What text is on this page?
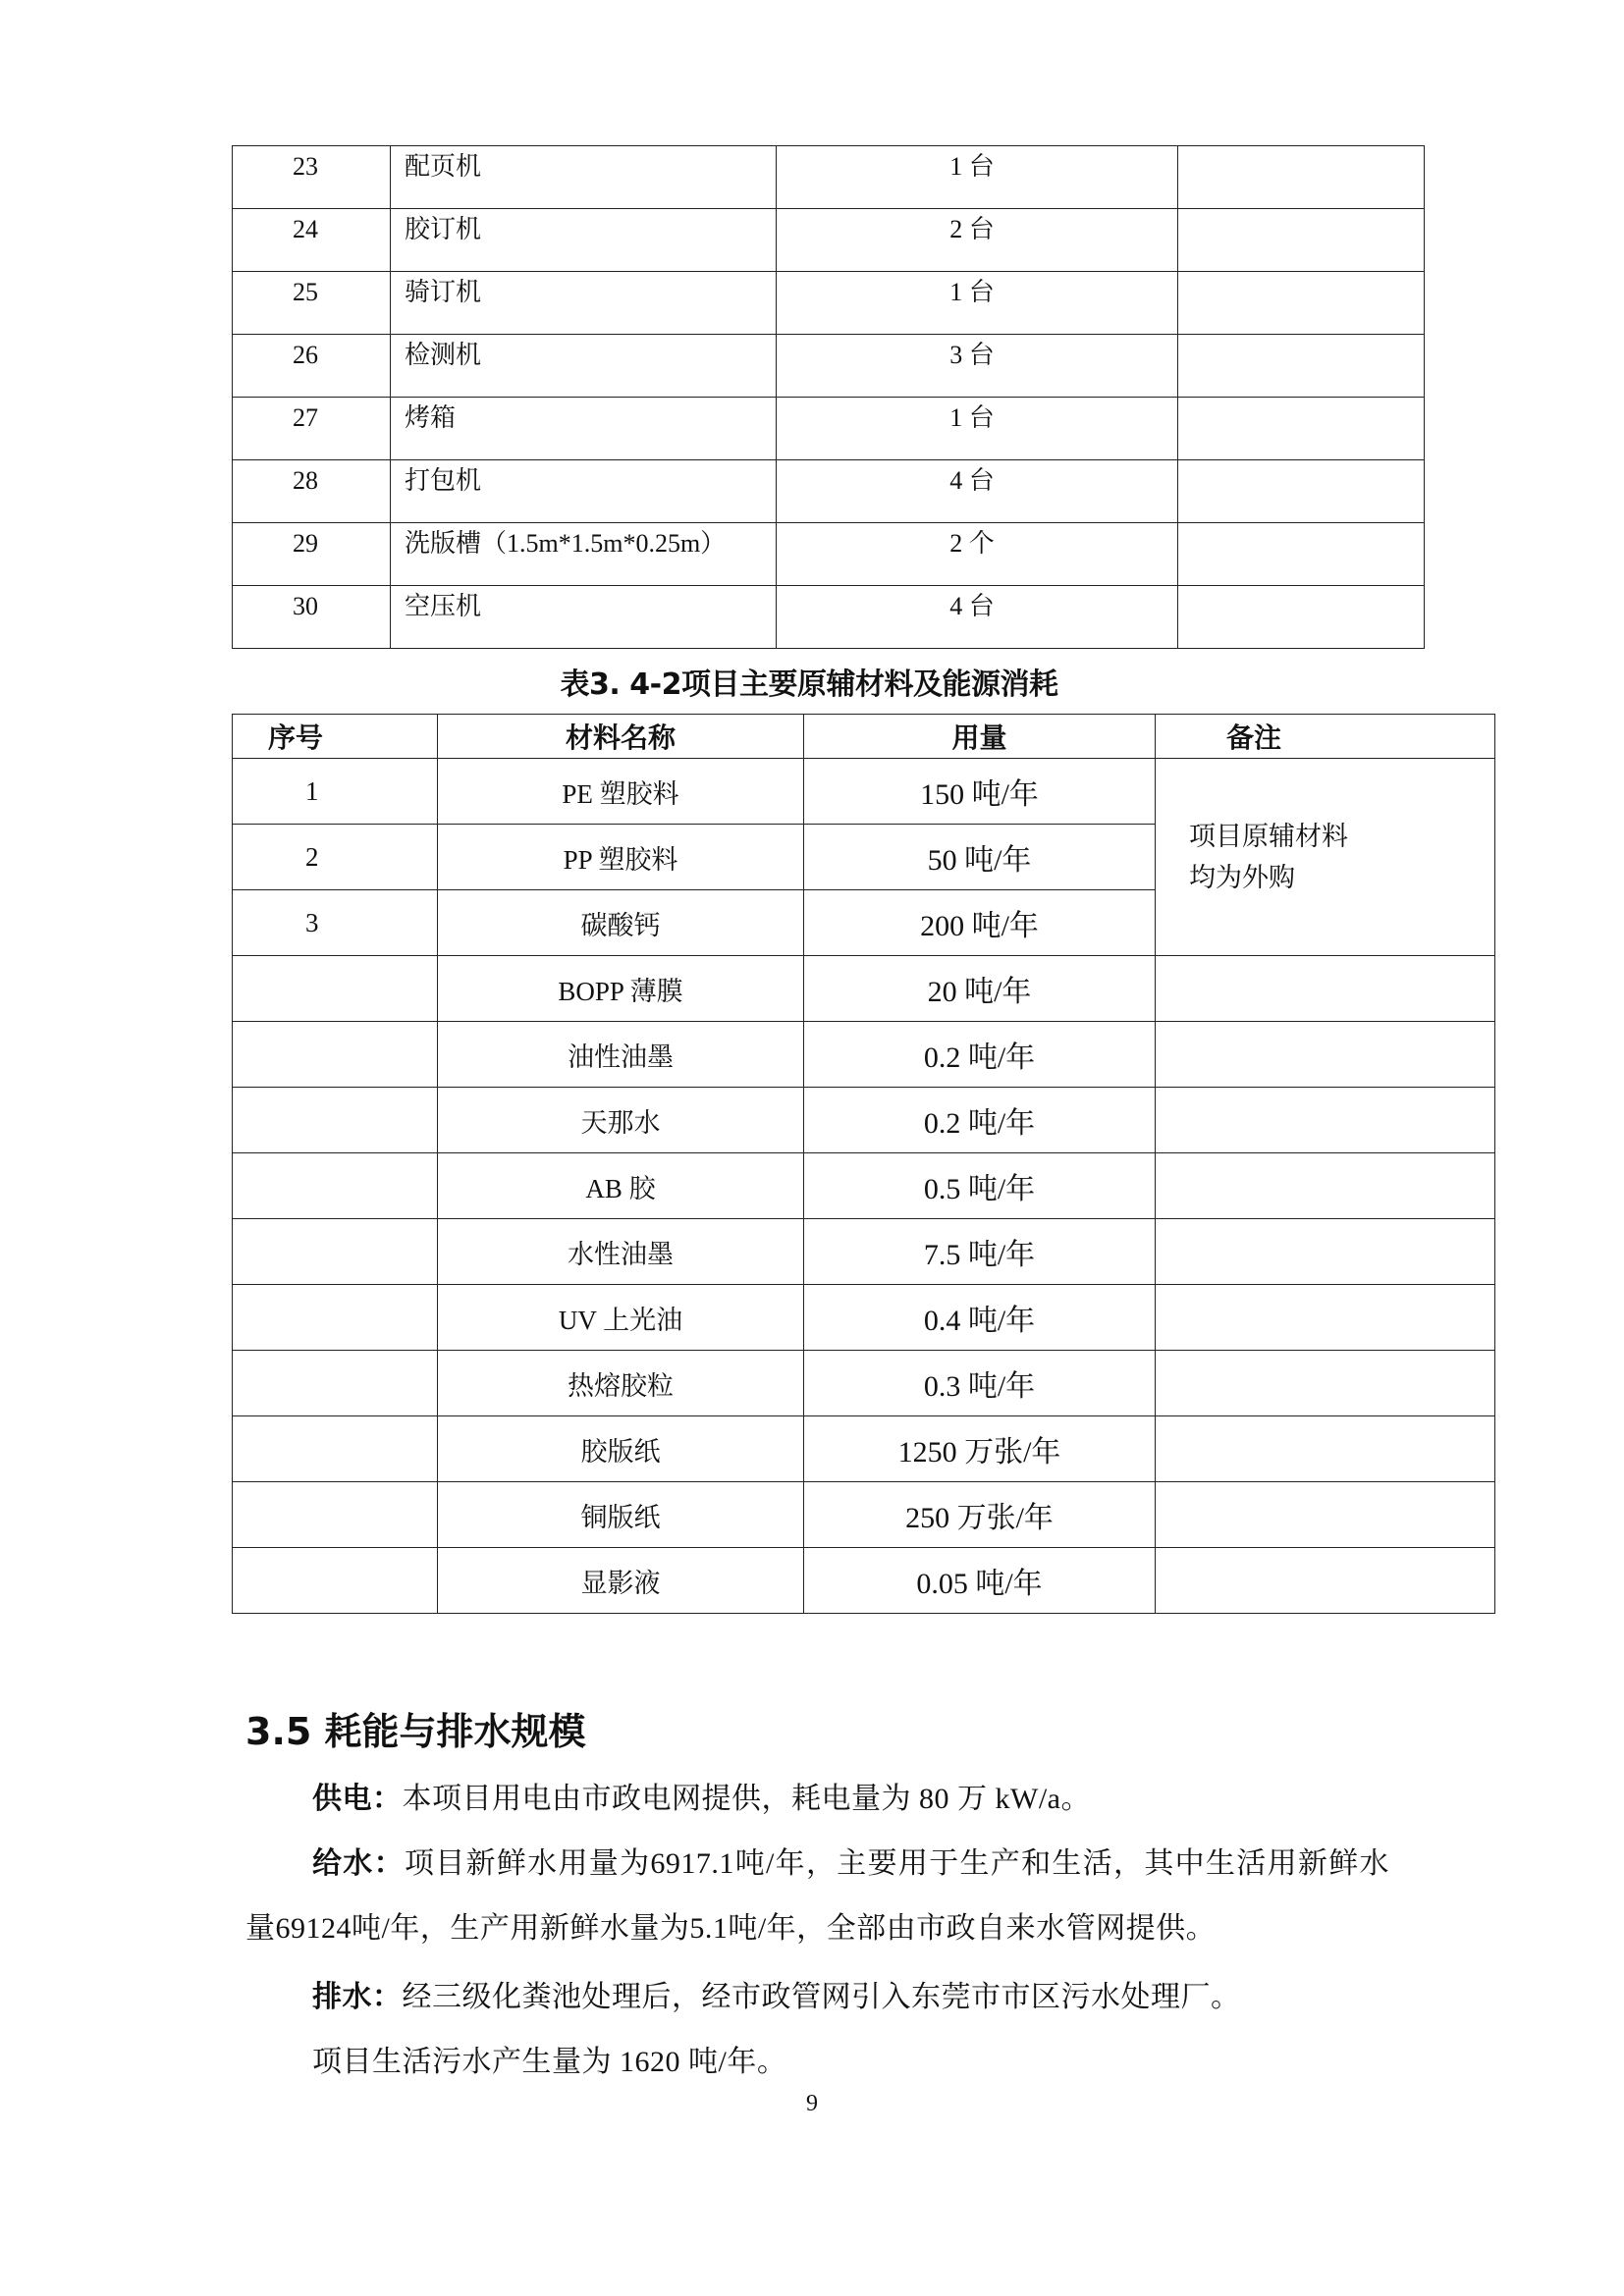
23	配页机	1 台	
24	胶订机	2 台	
25	骑订机	1 台	
26	检测机	3 台	
27	烤箱	1 台	
28	打包机	4 台	
29	洗版槽（1.5m*1.5m*0.25m）	2 个	
30	空压机	4 台	
表3. 4-2项目主要原辅材料及能源消耗
序号	材料名称	用量	备注
1	PE 塑胶料	150 吨/年	项目原辅材料均为外购

2	PP 塑胶料	50 吨/年	
3	碳酸钙	200 吨/年	
	BOPP 薄膜	20 吨/年	
	油性油墨	0.2 吨/年	
	天那水	0.2 吨/年	
	AB 胶	0.5 吨/年	
	水性油墨	7.5 吨/年	
	UV 上光油	0.4 吨/年	
	热熔胶粒	0.3 吨/年	
	胶版纸	1250 万张/年	
	铜版纸	250 万张/年	
	显影液	0.05 吨/年	
3.5 耗能与排水规模
供电：本项目用电由市政电网提供，耗电量为 80 万 kW/a。
给水：项目新鲜水用量为6917.1吨/年，主要用于生产和生活，其中生活用新鲜水量69124吨/年，生产用新鲜水量为5.1吨/年，全部由市政自来水管网提供。
排水：经三级化粪池处理后，经市政管网引入东莞市市区污水处理厂。
项目生活污水产生量为 1620 吨/年。
9
